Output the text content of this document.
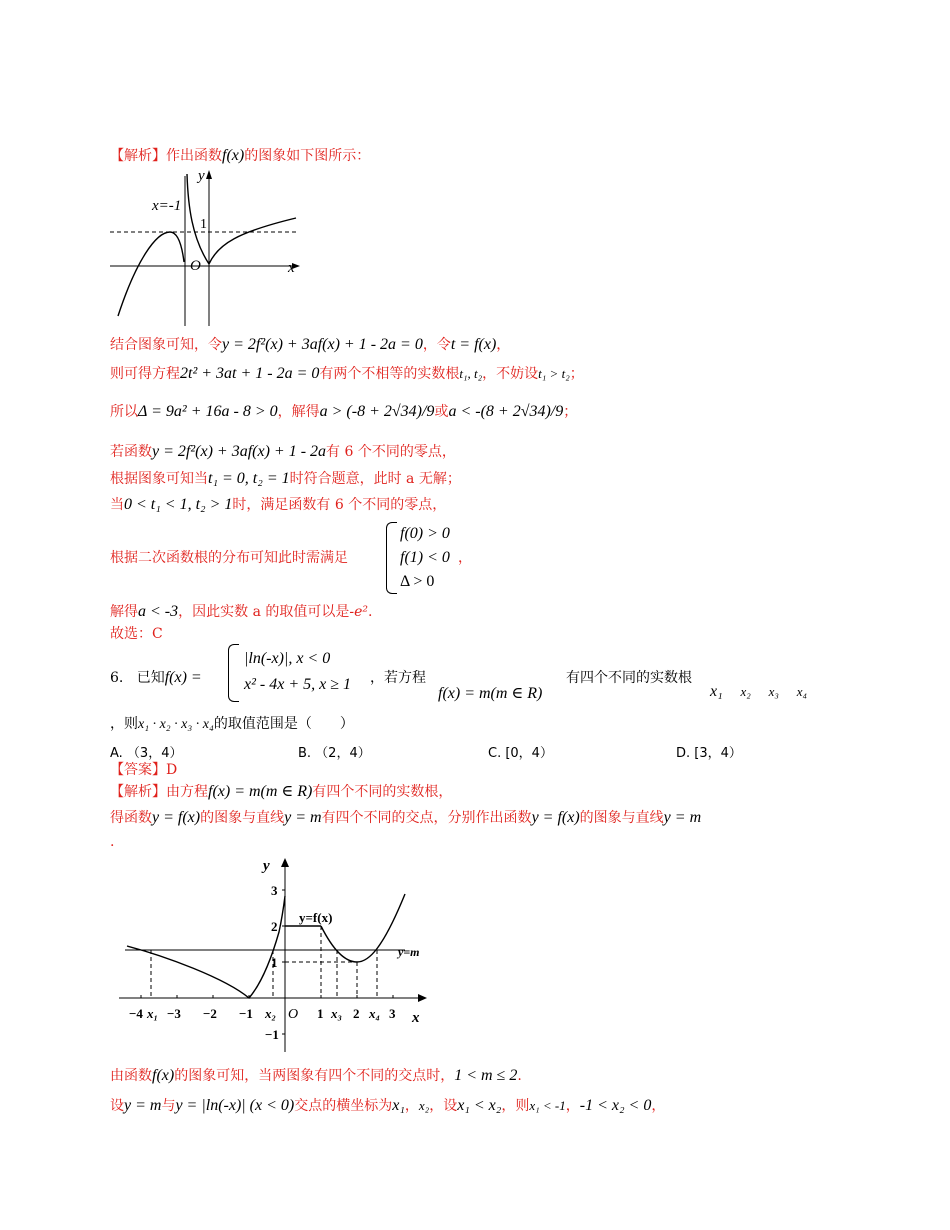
【解析】作出函数f(x)的图象如下图所示：
x=-1
y
x
O
1
结合图象可知，令y = 2f²(x) + 3af(x) + 1 - 2a = 0，令t = f(x)，
则可得方程2t² + 3at + 1 - 2a = 0有两个不相等的实数根t₁, t₂，不妨设t₁ > t₂；
所以Δ = 9a² + 16a - 8 > 0，解得a > (-8 + 2√34)/9或a < -(8 + 2√34)/9；
若函数y = 2f²(x) + 3af(x) + 1 - 2a有 6 个不同的零点，
根据图象可知当t₁ = 0, t₂ = 1时符合题意，此时 a 无解；
当0 < t₁ < 1, t₂ > 1时，满足函数有 6 个不同的零点，
根据二次函数根的分布可知此时需满足
f(0) > 0
f(1) < 0
Δ > 0
，
解得a < -3，因此实数 a 的取值可以是-e².
故选：C
6. 已知f(x) =
|ln(-x)|, x < 0
x² - 4x + 5, x ≥ 1 ，若方程
f(x) = m(m ∈ R)
有四个不同的实数根
x₁ x₂ x₃ x₄
，则x₁ · x₂ · x₃ · x₄的取值范围是（　　）
A. （3，4）	B. （2，4）	C. [0，4）	D. [3，4）
【答案】D
【解析】由方程f(x) = m(m ∈ R)有四个不同的实数根，
得函数y = f(x)的图象与直线y = m有四个不同的交点，分别作出函数y = f(x)的图象与直线y = m
.
y
x
O
y=f(x)
y=m
3
2
1
−1
−4 x₁ −3 −2 −1 x₂	1 x₃ 2 x₄ 3
由函数f(x)的图象可知，当两图象有四个不同的交点时，1 < m ≤ 2.
设y = m与y = |ln(-x)| (x < 0)交点的横坐标为x₁，x₂，设x₁ < x₂，则x₁ < -1，-1 < x₂ < 0，
